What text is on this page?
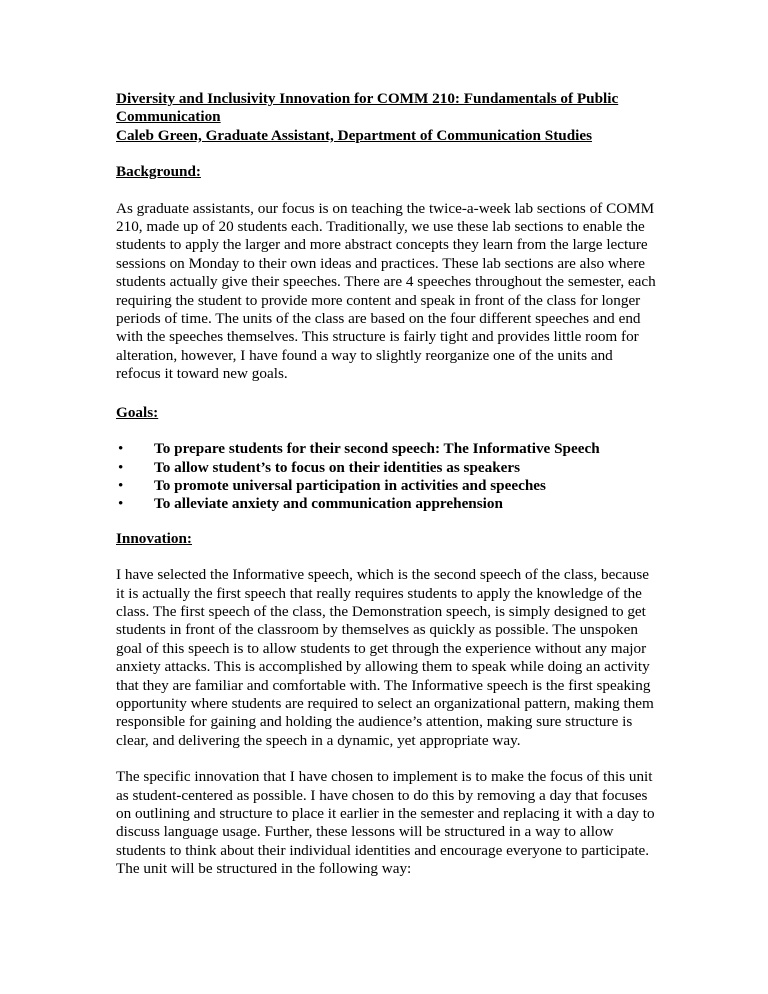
Diversity and Inclusivity Innovation for COMM 210: Fundamentals of Public Communication

Caleb Green, Graduate Assistant, Department of Communication Studies

Background:

As graduate assistants, our focus is on teaching the twice-a-week lab sections of COMM 210, made up of 20 students each. Traditionally, we use these lab sections to enable the students to apply the larger and more abstract concepts they learn from the large lecture sessions on Monday to their own ideas and practices. These lab sections are also where students actually give their speeches. There are 4 speeches throughout the semester, each requiring the student to provide more content and speak in front of the class for longer periods of time. The units of the class are based on the four different speeches and end with the speeches themselves. This structure is fairly tight and provides little room for alteration, however, I have found a way to slightly reorganize one of the units and refocus it toward new goals.

Goals:

• To prepare students for their second speech: The Informative Speech
• To allow student’s to focus on their identities as speakers
• To promote universal participation in activities and speeches
• To alleviate anxiety and communication apprehension

Innovation:

I have selected the Informative speech, which is the second speech of the class, because it is actually the first speech that really requires students to apply the knowledge of the class. The first speech of the class, the Demonstration speech, is simply designed to get students in front of the classroom by themselves as quickly as possible. The unspoken goal of this speech is to allow students to get through the experience without any major anxiety attacks. This is accomplished by allowing them to speak while doing an activity that they are familiar and comfortable with. The Informative speech is the first speaking opportunity where students are required to select an organizational pattern, making them responsible for gaining and holding the audience’s attention, making sure structure is clear, and delivering the speech in a dynamic, yet appropriate way.

The specific innovation that I have chosen to implement is to make the focus of this unit as student-centered as possible. I have chosen to do this by removing a day that focuses on outlining and structure to place it earlier in the semester and replacing it with a day to discuss language usage. Further, these lessons will be structured in a way to allow students to think about their individual identities and encourage everyone to participate. The unit will be structured in the following way:
